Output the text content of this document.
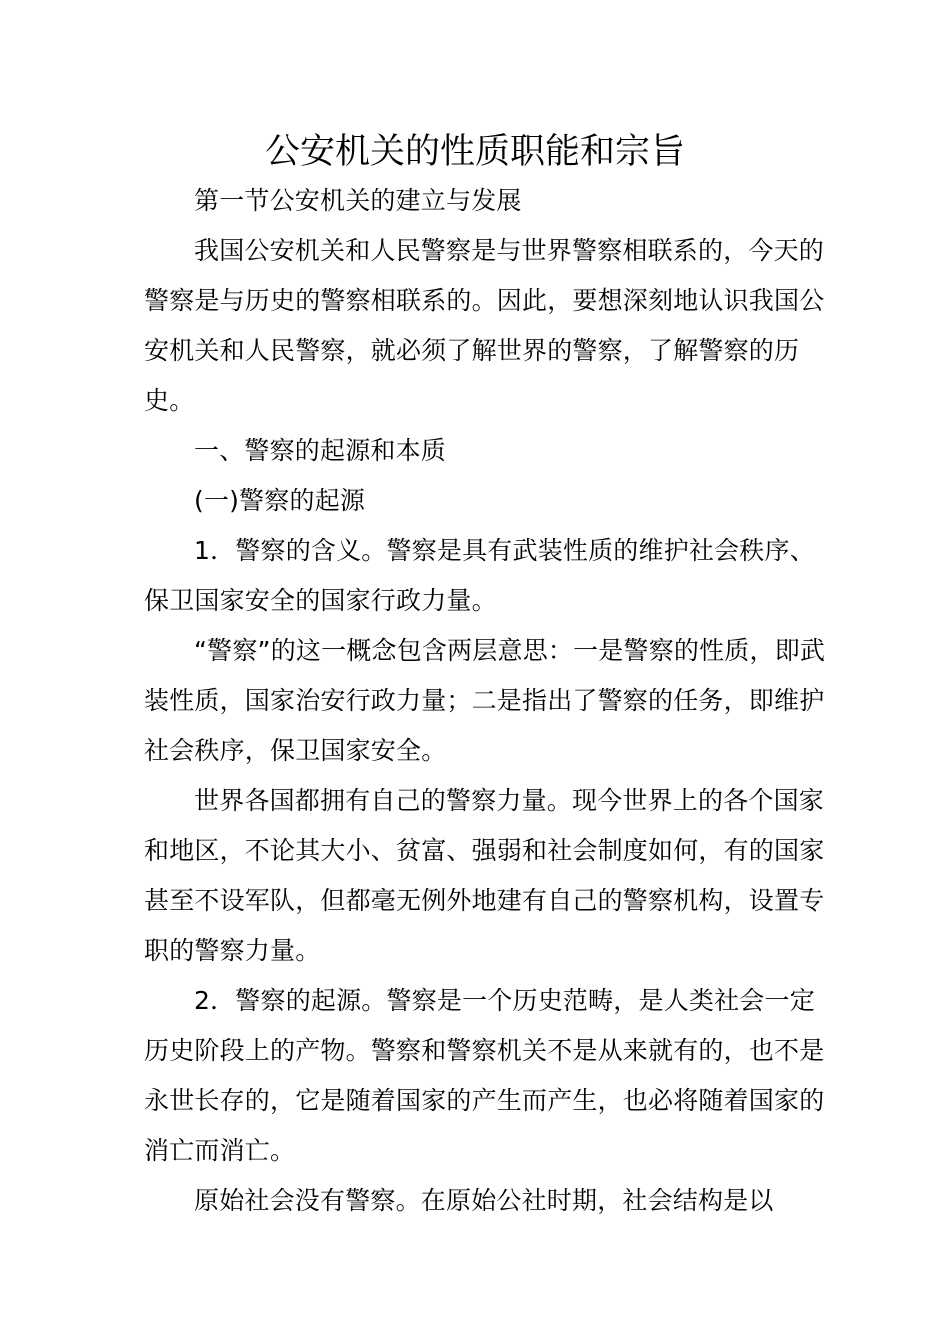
公安机关的性质职能和宗旨

第一节公安机关的建立与发展

我国公安机关和人民警察是与世界警察相联系的，今天的警察是与历史的警察相联系的。因此，要想深刻地认识我国公安机关和人民警察，就必须了解世界的警察，了解警察的历史。

一、警察的起源和本质

(一)警察的起源

1．警察的含义。警察是具有武装性质的维护社会秩序、保卫国家安全的国家行政力量。

“警察”的这一概念包含两层意思：一是警察的性质，即武装性质，国家治安行政力量；二是指出了警察的任务，即维护社会秩序，保卫国家安全。

世界各国都拥有自己的警察力量。现今世界上的各个国家和地区，不论其大小、贫富、强弱和社会制度如何，有的国家甚至不设军队，但都毫无例外地建有自己的警察机构，设置专职的警察力量。

2．警察的起源。警察是一个历史范畴，是人类社会一定历史阶段上的产物。警察和警察机关不是从来就有的，也不是永世长存的，它是随着国家的产生而产生，也必将随着国家的消亡而消亡。

原始社会没有警察。在原始公社时期，社会结构是以
